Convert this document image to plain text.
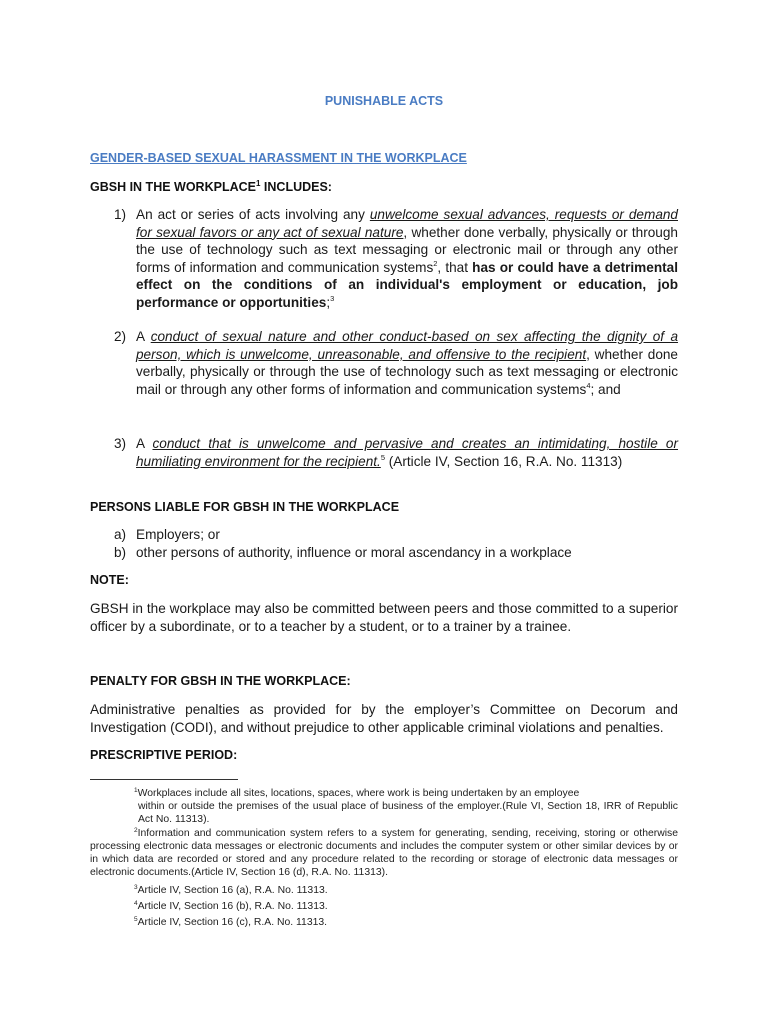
PUNISHABLE ACTS
GENDER-BASED SEXUAL HARASSMENT IN THE WORKPLACE
GBSH IN THE WORKPLACE$^1$ INCLUDES:
1) An act or series of acts involving any unwelcome sexual advances, requests or demand for sexual favors or any act of sexual nature, whether done verbally, physically or through the use of technology such as text messaging or electronic mail or through any other forms of information and communication systems$^2$, that has or could have a detrimental effect on the conditions of an individual's employment or education, job performance or opportunities;$^3$
2) A conduct of sexual nature and other conduct-based on sex affecting the dignity of a person, which is unwelcome, unreasonable, and offensive to the recipient, whether done verbally, physically or through the use of technology such as text messaging or electronic mail or through any other forms of information and communication systems$^4$; and
3) A conduct that is unwelcome and pervasive and creates an intimidating, hostile or humiliating environment for the recipient.$^5$ (Article IV, Section 16, R.A. No. 11313)
PERSONS LIABLE FOR GBSH IN THE WORKPLACE
a) Employers; or
b) other persons of authority, influence or moral ascendancy in a workplace
NOTE:
GBSH in the workplace may also be committed between peers and those committed to a superior officer by a subordinate, or to a teacher by a student, or to a trainer by a trainee.
PENALTY FOR GBSH IN THE WORKPLACE:
Administrative penalties as provided for by the employer’s Committee on Decorum and Investigation (CODI), and without prejudice to other applicable criminal violations and penalties.
PRESCRIPTIVE PERIOD:
$^1$Workplaces include all sites, locations, spaces, where work is being undertaken by an employee
within or outside the premises of the usual place of business of the employer.(Rule VI, Section 18, IRR of Republic Act No. 11313).
$^2$Information and communication system refers to a system for generating, sending, receiving, storing or otherwise processing electronic data messages or electronic documents and includes the computer system or other similar devices by or in which data are recorded or stored and any procedure related to the recording or storage of electronic data messages or electronic documents.(Article IV, Section 16 (d), R.A. No. 11313).
$^3$Article IV, Section 16 (a), R.A. No. 11313.
$^4$Article IV, Section 16 (b), R.A. No. 11313.
$^5$Article IV, Section 16 (c), R.A. No. 11313.
